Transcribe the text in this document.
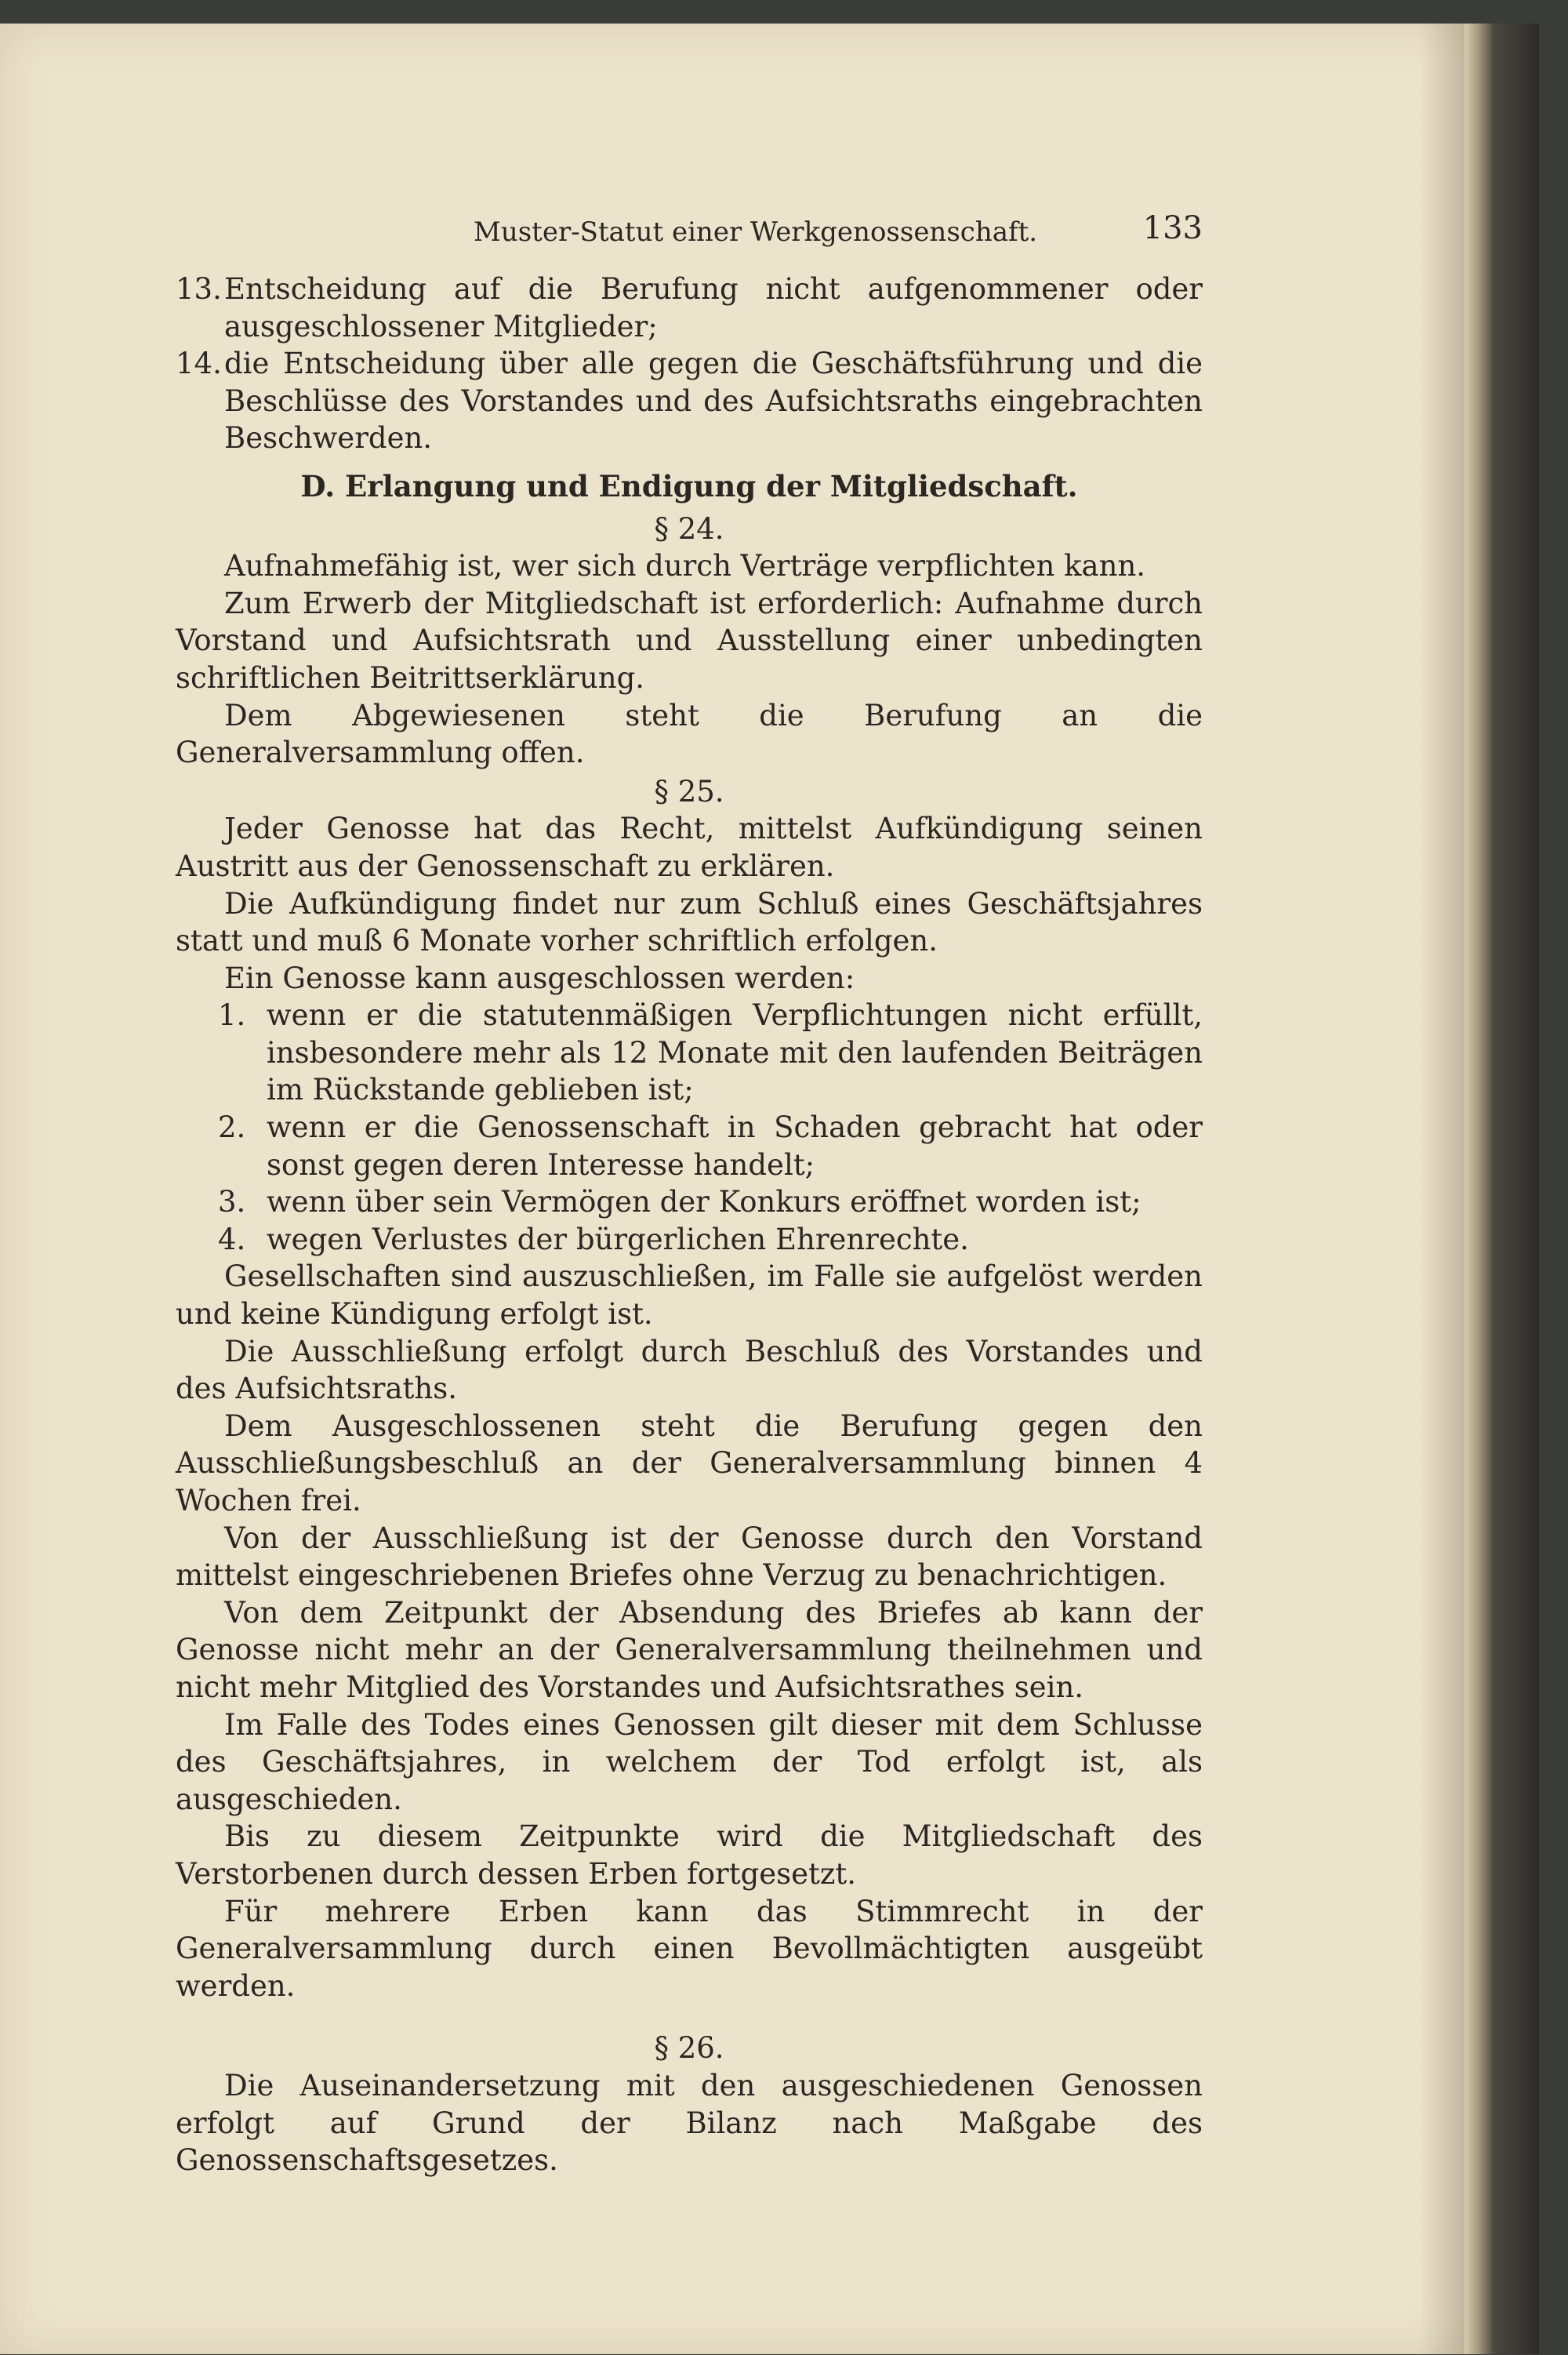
Muster-Statut einer Werkgenossenschaft.	133
13. Entscheidung auf die Berufung nicht aufgenommener oder ausgeschlossener Mitglieder;
14. die Entscheidung über alle gegen die Geschäftsführung und die Beschlüsse des Vorstandes und des Aufsichtsraths eingebrachten Beschwerden.

D. Erlangung und Endigung der Mitgliedschaft.

§ 24.

Aufnahmefähig ist, wer sich durch Verträge verpflichten kann.

Zum Erwerb der Mitgliedschaft ist erforderlich: Aufnahme durch Vorstand und Aufsichtsrath und Ausstellung einer unbedingten schriftlichen Beitrittserklärung.

Dem Abgewiesenen steht die Berufung an die Generalversammlung offen.

§ 25.

Jeder Genosse hat das Recht, mittelst Aufkündigung seinen Austritt aus der Genossenschaft zu erklären.

Die Aufkündigung findet nur zum Schluß eines Geschäftsjahres statt und muß 6 Monate vorher schriftlich erfolgen.

Ein Genosse kann ausgeschlossen werden:

1. wenn er die statutenmäßigen Verpflichtungen nicht erfüllt, insbesondere mehr als 12 Monate mit den laufenden Beiträgen im Rückstande geblieben ist;
2. wenn er die Genossenschaft in Schaden gebracht hat oder sonst gegen deren Interesse handelt;
3. wenn über sein Vermögen der Konkurs eröffnet worden ist;
4. wegen Verlustes der bürgerlichen Ehrenrechte.

Gesellschaften sind auszuschließen, im Falle sie aufgelöst werden und keine Kündigung erfolgt ist.

Die Ausschließung erfolgt durch Beschluß des Vorstandes und des Aufsichtsraths.

Dem Ausgeschlossenen steht die Berufung gegen den Ausschließungsbeschluß an der Generalversammlung binnen 4 Wochen frei.

Von der Ausschließung ist der Genosse durch den Vorstand mittelst eingeschriebenen Briefes ohne Verzug zu benachrichtigen.

Von dem Zeitpunkt der Absendung des Briefes ab kann der Genosse nicht mehr an der Generalversammlung theilnehmen und nicht mehr Mitglied des Vorstandes und Aufsichtsrathes sein.

Im Falle des Todes eines Genossen gilt dieser mit dem Schlusse des Geschäftsjahres, in welchem der Tod erfolgt ist, als ausgeschieden.

Bis zu diesem Zeitpunkte wird die Mitgliedschaft des Verstorbenen durch dessen Erben fortgesetzt.

Für mehrere Erben kann das Stimmrecht in der Generalversammlung durch einen Bevollmächtigten ausgeübt werden.

§ 26.

Die Auseinandersetzung mit den ausgeschiedenen Genossen erfolgt auf Grund der Bilanz nach Maßgabe des Genossenschaftsgesetzes.
